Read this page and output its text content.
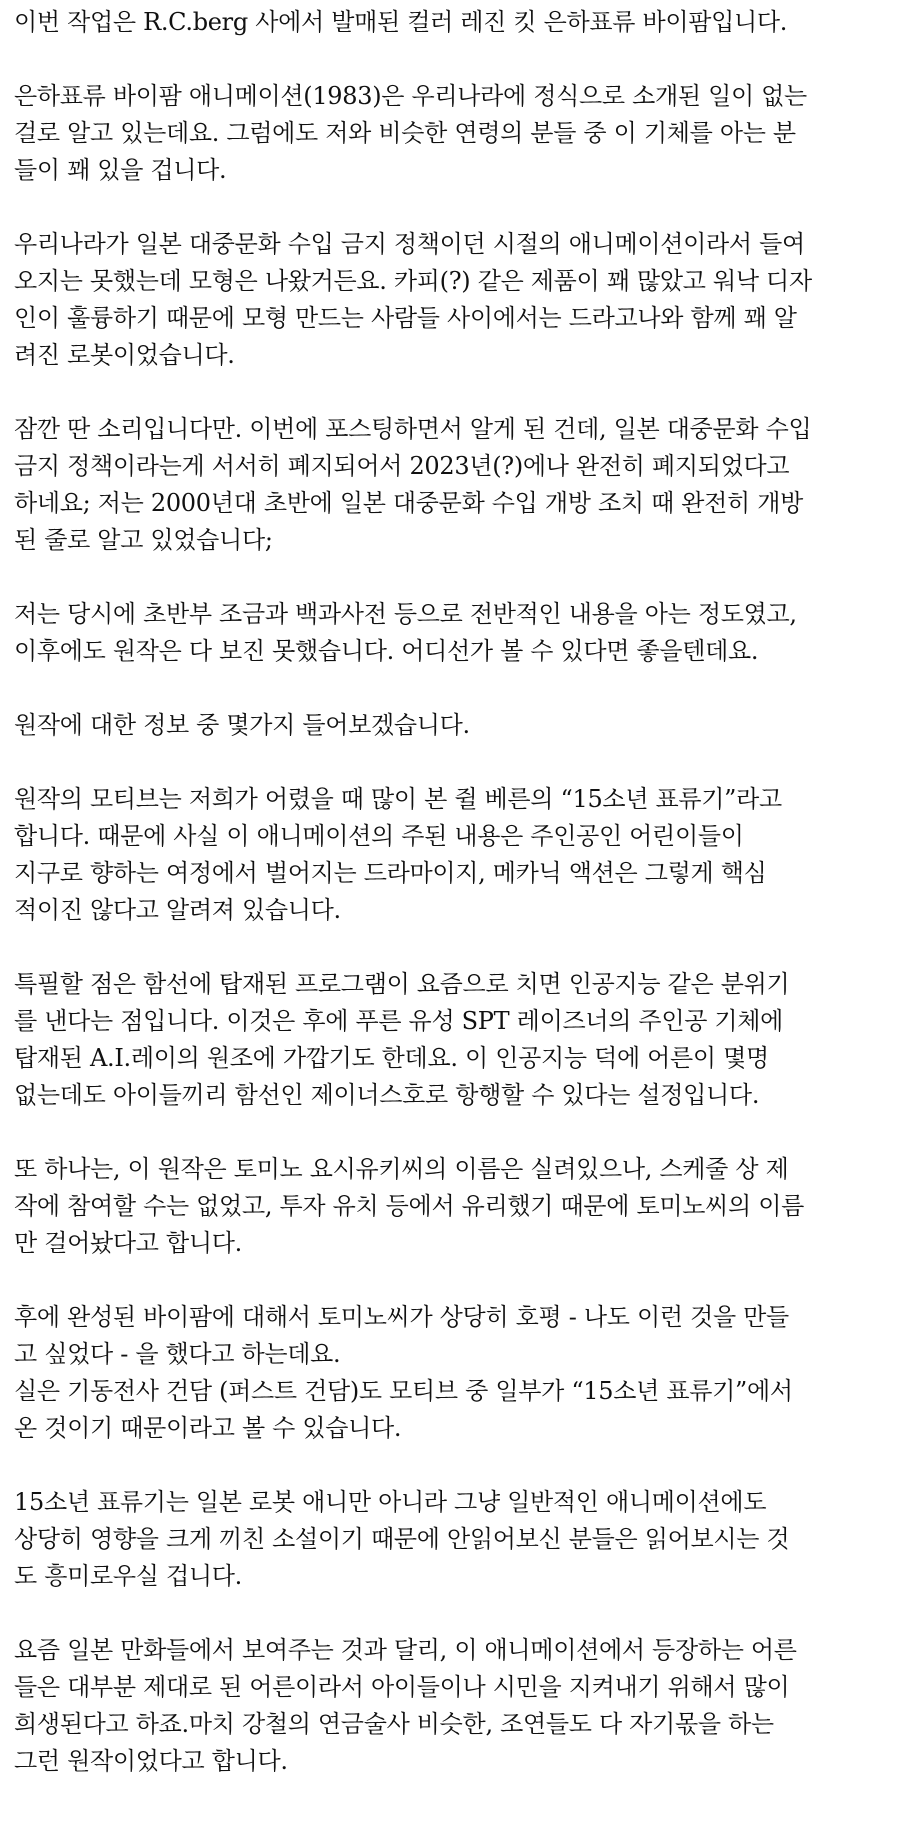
이번 작업은 R.C.berg 사에서 발매된 컬러 레진 킷 은하표류 바이팜입니다.

은하표류 바이팜 애니메이션(1983)은 우리나라에 정식으로 소개된 일이 없는
걸로 알고 있는데요. 그럼에도 저와 비슷한 연령의 분들 중 이 기체를 아는 분
들이 꽤 있을 겁니다.

우리나라가 일본 대중문화 수입 금지 정책이던 시절의 애니메이션이라서 들여
오지는 못했는데 모형은 나왔거든요. 카피(?) 같은 제품이 꽤 많았고 워낙 디자
인이 훌륭하기 때문에 모형 만드는 사람들 사이에서는 드라고나와 함께 꽤 알
려진 로봇이었습니다.

잠깐 딴 소리입니다만. 이번에 포스팅하면서 알게 된 건데, 일본 대중문화 수입
금지 정책이라는게 서서히 폐지되어서 2023년(?)에나 완전히 폐지되었다고
하네요; 저는 2000년대 초반에 일본 대중문화 수입 개방 조치 때 완전히 개방
된 줄로 알고 있었습니다;

저는 당시에 초반부 조금과 백과사전 등으로 전반적인 내용을 아는 정도였고,
이후에도 원작은 다 보진 못했습니다. 어디선가 볼 수 있다면 좋을텐데요.

원작에 대한 정보 중 몇가지 들어보겠습니다.

원작의 모티브는 저희가 어렸을 때 많이 본 쥘 베른의 “15소년 표류기”라고
합니다. 때문에 사실 이 애니메이션의 주된 내용은 주인공인 어린이들이
지구로 향하는 여정에서 벌어지는 드라마이지, 메카닉 액션은 그렇게 핵심
적이진 않다고 알려져 있습니다.

특필할 점은 함선에 탑재된 프로그램이 요즘으로 치면 인공지능 같은 분위기
를 낸다는 점입니다. 이것은 후에 푸른 유성 SPT 레이즈너의 주인공 기체에
탑재된 A.I.레이의 원조에 가깝기도 한데요. 이 인공지능 덕에 어른이 몇명
없는데도 아이들끼리 함선인 제이너스호로 항행할 수 있다는 설정입니다.

또 하나는, 이 원작은 토미노 요시유키씨의 이름은 실려있으나, 스케줄 상 제
작에 참여할 수는 없었고, 투자 유치 등에서 유리했기 때문에 토미노씨의 이름
만 걸어놨다고 합니다.

후에 완성된 바이팜에 대해서 토미노씨가 상당히 호평 - 나도 이런 것을 만들
고 싶었다 - 을 했다고 하는데요.
실은 기동전사 건담 (퍼스트 건담)도 모티브 중 일부가 “15소년 표류기”에서
온 것이기 때문이라고 볼 수 있습니다.

15소년 표류기는 일본 로봇 애니만 아니라 그냥 일반적인 애니메이션에도
상당히 영향을 크게 끼친 소설이기 때문에 안읽어보신 분들은 읽어보시는 것
도 흥미로우실 겁니다.

요즘 일본 만화들에서 보여주는 것과 달리, 이 애니메이션에서 등장하는 어른
들은 대부분 제대로 된 어른이라서 아이들이나 시민을 지켜내기 위해서 많이
희생된다고 하죠.마치 강철의 연금술사 비슷한, 조연들도 다 자기몫을 하는
그런 원작이었다고 합니다.
